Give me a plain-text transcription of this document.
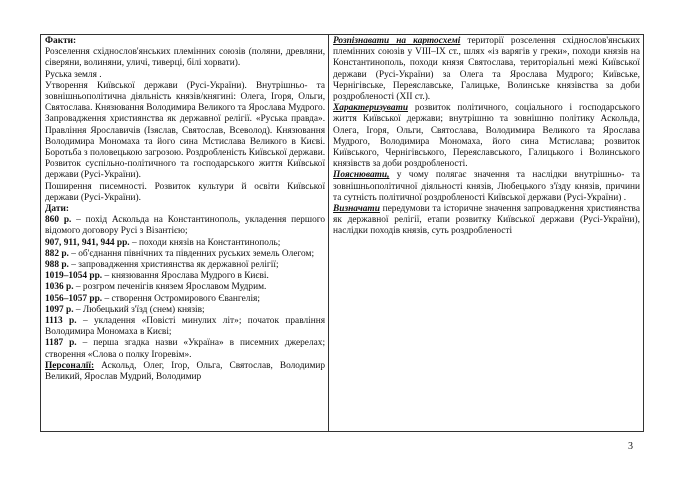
Факти:

Розселення східнослов'янських племінних союзів (поляни, древляни, сіверяни, волиняни, уличі, тиверці, білі хорвати).

Руська земля .

Утворення Київської держави (Русі-України). Внутрішньо- та зовнішньополітична діяльність князів/княгині: Олега, Ігоря, Ольги, Святослава. Князювання Володимира Великого та Ярослава Мудрого. Запровадження християнства як державної релігії. «Руська правда». Правління Ярославичів (Ізяслав, Святослав, Всеволод). Князювання Володимира Мономаха та його сина Мстислава Великого в Києві. Боротьба з половецькою загрозою. Роздробленість Київської держави. Розвиток суспільно-політичного та господарського життя Київської держави (Русі-України).

Поширення писемності. Розвиток культури й освіти Київської держави (Русі-України).

Дати:

860 р. – похід Аскольда на Константинополь, укладення першого відомого договору Русі з Візантією;

907, 911, 941, 944 рр. – походи князів на Константинополь;

882 р. – об'єднання північних та південних руських земель Олегом;

988 р. – запровадження християнства як державної релігії;

1019–1054 рр. – князювання Ярослава Мудрого в Києві.

1036 р. – розгром печенігів князем Ярославом Мудрим.

1056–1057 рр. – створення Остромирового Євангелія;

1097 р. – Любецький з'їзд (снем) князів;

1113 р. – укладення «Повісті минулих літ»; початок правління Володимира Мономаха в Києві;

1187 р. – перша згадка назви «Україна» в писемних джерелах; створення «Слова о полку Ігоревім».

Персоналії: Аскольд, Олег, Ігор, Ольга, Святослав, Володимир Великий, Ярослав Мудрий, Володимир

Розпізнавати на картосхемі території розселення східнослов'янських племінних союзів у VIII–IX ст., шлях «із варягів у греки», походи князів на Константинополь, походи князя Святослава, територіальні межі Київської держави (Русі-України) за Олега та Ярослава Мудрого; Київське, Чернігівське, Переяславське, Галицьке, Волинське князівства за доби роздробленості (XII ст.).

Характеризувати розвиток політичного, соціального і господарського життя Київської держави; внутрішню та зовнішню політику Аскольда, Олега, Ігоря, Ольги, Святослава, Володимира Великого та Ярослава Мудрого, Володимира Мономаха, його сина Мстислава; розвиток Київського, Чернігівського, Переяславського, Галицького і Волинського князівств за доби роздробленості.

Пояснювати, у чому полягає значення та наслідки внутрішньо- та зовнішньополітичної діяльності князів, Любецького з'їзду князів, причини та сутність політичної роздробленості Київської держави (Русі-України) .

Визначати передумови та історичне значення запровадження християнства як державної релігії, етапи розвитку Київської держави (Русі-України), наслідки походів князів, суть роздробленості

3
